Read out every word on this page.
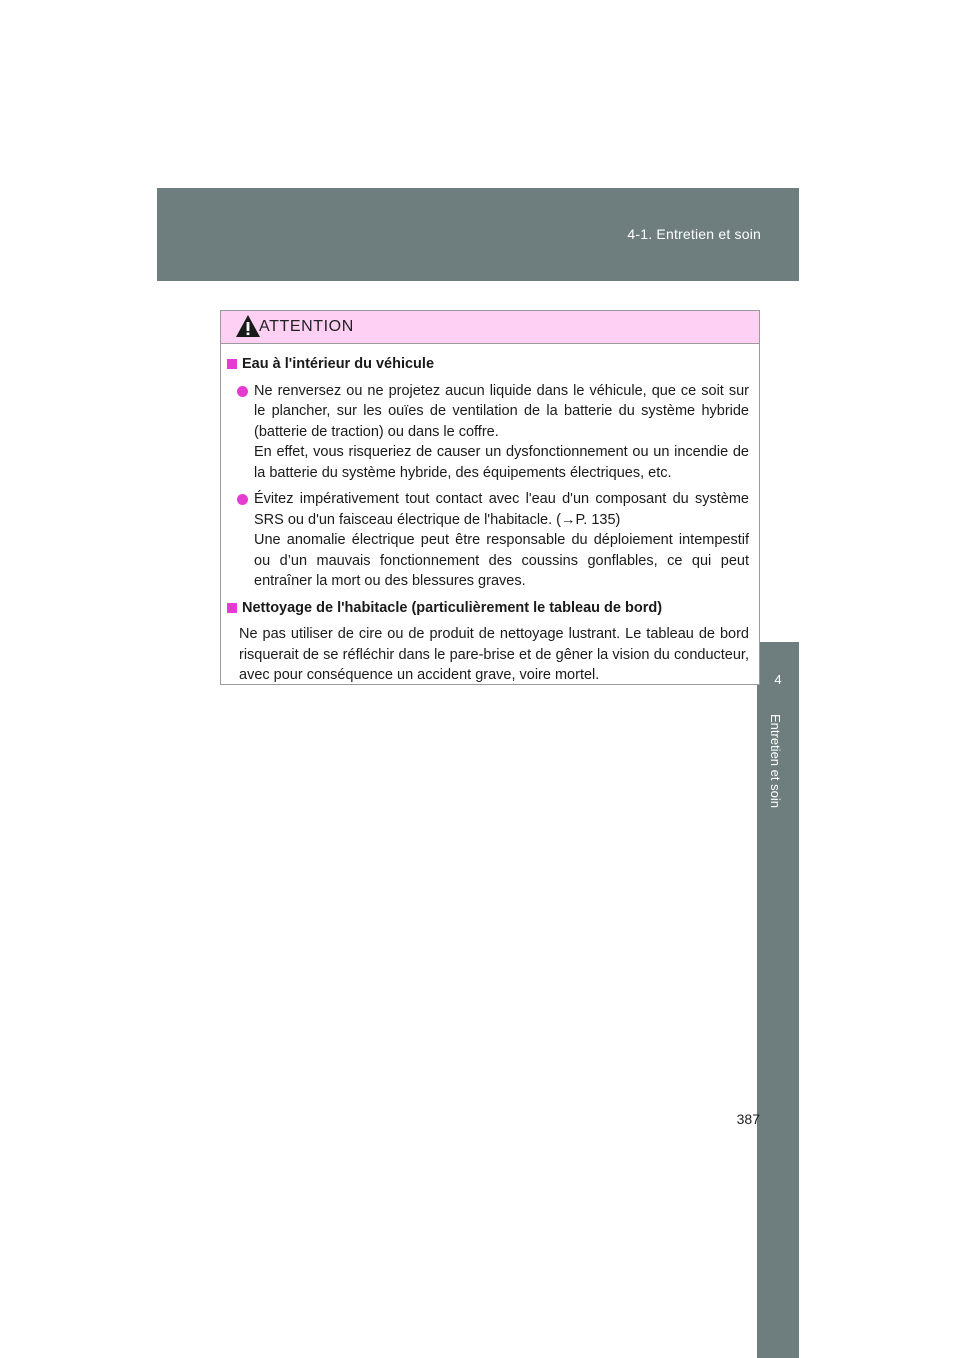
4-1. Entretien et soin
4
Entretien et soin
ATTENTION
Eau à l'intérieur du véhicule

Ne renversez ou ne projetez aucun liquide dans le véhicule, que ce soit sur le plancher, sur les ouïes de ventilation de la batterie du système hybride (batterie de traction) ou dans le coffre.

En effet, vous risqueriez de causer un dysfonctionnement ou un incendie de la batterie du système hybride, des équipements électriques, etc.

Évitez impérativement tout contact avec l'eau d'un composant du système SRS ou d'un faisceau électrique de l'habitacle. (→P. 135)

Une anomalie électrique peut être responsable du déploiement intempestif ou d’un mauvais fonctionnement des coussins gonflables, ce qui peut entraîner la mort ou des blessures graves.

Nettoyage de l'habitacle (particulièrement le tableau de bord)

Ne pas utiliser de cire ou de produit de nettoyage lustrant. Le tableau de bord risquerait de se réfléchir dans le pare-brise et de gêner la vision du conducteur, avec pour conséquence un accident grave, voire mortel.

387
